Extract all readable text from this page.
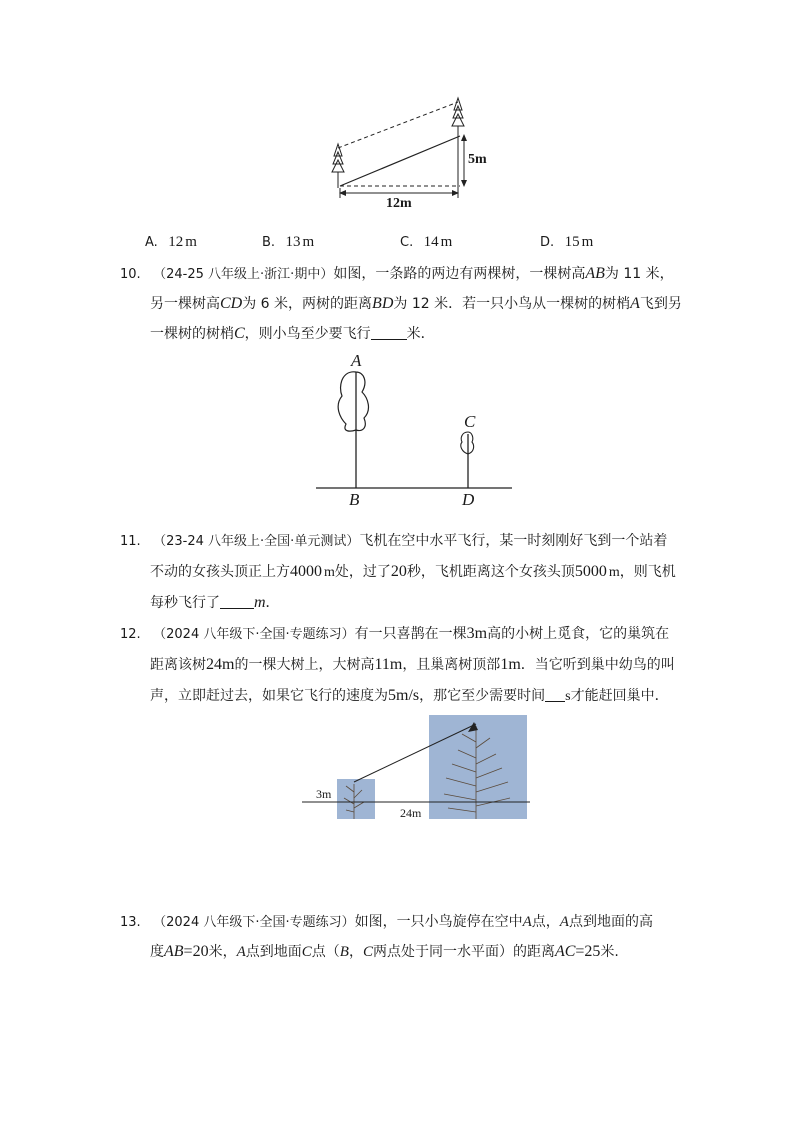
5m
12m
A. 12 m	B. 13 m	C. 14 m	D. 15 m
10. （24-25 八年级上·浙江·期中）如图，一条路的两边有两棵树，一棵树高AB为 11 米，
另一棵树高CD为 6 米，两树的距离BD为 12 米．若一只小鸟从一棵树的树梢A飞到另
一棵树的树梢C，则小鸟至少要飞行	米．
A
B
C
D
11. （23-24 八年级上·全国·单元测试）飞机在空中水平飞行，某一时刻刚好飞到一个站着
不动的女孩头顶正上方4000 m处，过了20秒，飞机距离这个女孩头顶5000 m，则飞机
每秒飞行了 m.
12. （2024 八年级下·全国·专题练习）有一只喜鹊在一棵3m高的小树上觅食，它的巢筑在
距离该树24m的一棵大树上，大树高11m，且巢离树顶部1m．当它听到巢中幼鸟的叫
声，立即赶过去，如果它飞行的速度为5m/s，那它至少需要时间 s才能赶回巢中．
3m
24m
13. （2024 八年级下·全国·专题练习）如图，一只小鸟旋停在空中A点，A点到地面的高
度AB=20米，A点到地面C点（B，C两点处于同一水平面）的距离AC=25米.
